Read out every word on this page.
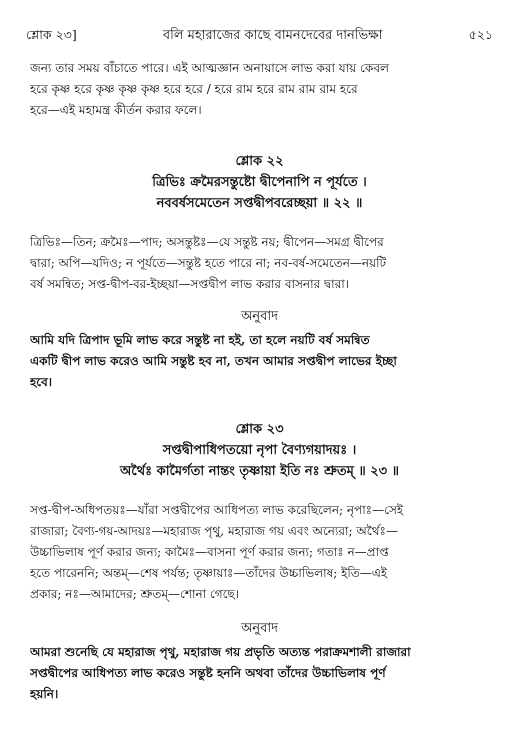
শ্লোক ২৩]	বলি মহারাজের কাছে বামনদেবের দানভিক্ষা	৫২১
জন্য তার সময় বাঁচাতে পারে। এই আত্মজ্ঞান অনায়াসে লাভ করা যায় কেবল
হরে কৃষ্ণ হরে কৃষ্ণ কৃষ্ণ কৃষ্ণ হরে হরে / হরে রাম হরে রাম রাম রাম হরে
হরে—এই মহামন্ত্র কীর্তন করার ফলে।
শ্লোক ২২
ত্রিভিঃ ক্রমৈরসন্তুষ্টো দ্বীপেনাপি ন পূর্যতে ।
নববর্ষসমেতেন সপ্তদ্বীপবরেচ্ছয়া ॥ ২২ ॥
ত্রিভিঃ—তিন; ক্রমৈঃ—পাদ; অসন্তুষ্টঃ—যে সন্তুষ্ট নয়; দ্বীপেন—সমগ্র দ্বীপের
দ্বারা; অপি—যদিও; ন পূর্যতে—সন্তুষ্ট হতে পারে না; নব-বর্ষ-সমেতেন—নয়টি
বর্ষ সমন্বিত; সপ্ত-দ্বীপ-বর-ইচ্ছয়া—সপ্তদ্বীপ লাভ করার বাসনার দ্বারা।
অনুবাদ
আমি যদি ত্রিপাদ ভূমি লাভ করে সন্তুষ্ট না হই, তা হলে নয়টি বর্ষ সমন্বিত
একটি দ্বীপ লাভ করেও আমি সন্তুষ্ট হব না, তখন আমার সপ্তদ্বীপ লাভের ইচ্ছা
হবে।
শ্লোক ২৩
সপ্তদ্বীপাধিপতয়ো নৃপা বৈণ্যগয়াদয়ঃ ।
অর্থৈঃ কামৈর্গতা নান্তং তৃষ্ণায়া ইতি নঃ শ্রুতম্ ॥ ২৩ ॥
সপ্ত-দ্বীপ-অধিপতয়ঃ—যাঁরা সপ্তদ্বীপের আধিপত্য লাভ করেছিলেন; নৃপাঃ—সেই
রাজারা; বৈণ্য-গয়-আদয়ঃ—মহারাজ পৃথু, মহারাজ গয় এবং অন্যেরা; অর্থৈঃ—
উচ্চাভিলাষ পূর্ণ করার জন্য; কামৈঃ—বাসনা পূর্ণ করার জন্য; গতাঃ ন—প্রাপ্ত
হতে পারেননি; অন্তম্—শেষ পর্যন্ত; তৃষ্ণায়াঃ—তাঁদের উচ্চাভিলাষ; ইতি—এই
প্রকার; নঃ—আমাদের; শ্রুতম্—শোনা গেছে।
অনুবাদ
আমরা শুনেছি যে মহারাজ পৃথু, মহারাজ গয় প্রভৃতি অত্যন্ত পরাক্রমশালী রাজারা
সপ্তদ্বীপের আধিপত্য লাভ করেও সন্তুষ্ট হননি অথবা তাঁদের উচ্চাভিলাষ পূর্ণ
হয়নি।
